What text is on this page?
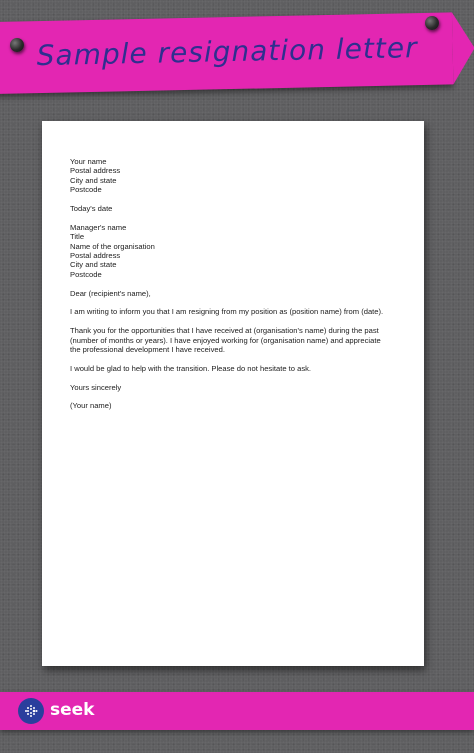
Sample resignation letter
Your name
Postal address
City and state
Postcode
Today's date
Manager's name
Title
Name of the organisation
Postal address
City and state
Postcode

Dear (recipient's name),

I am writing to inform you that I am resigning from my position as (position name) from (date).

Thank you for the opportunities that I have received at (organisation's name) during the past
(number of months or years). I have enjoyed working for (organisation name) and appreciate
the professional development I have received.

I would be glad to help with the transition. Please do not hesitate to ask.

Yours sincerely

(Your name)

seek
